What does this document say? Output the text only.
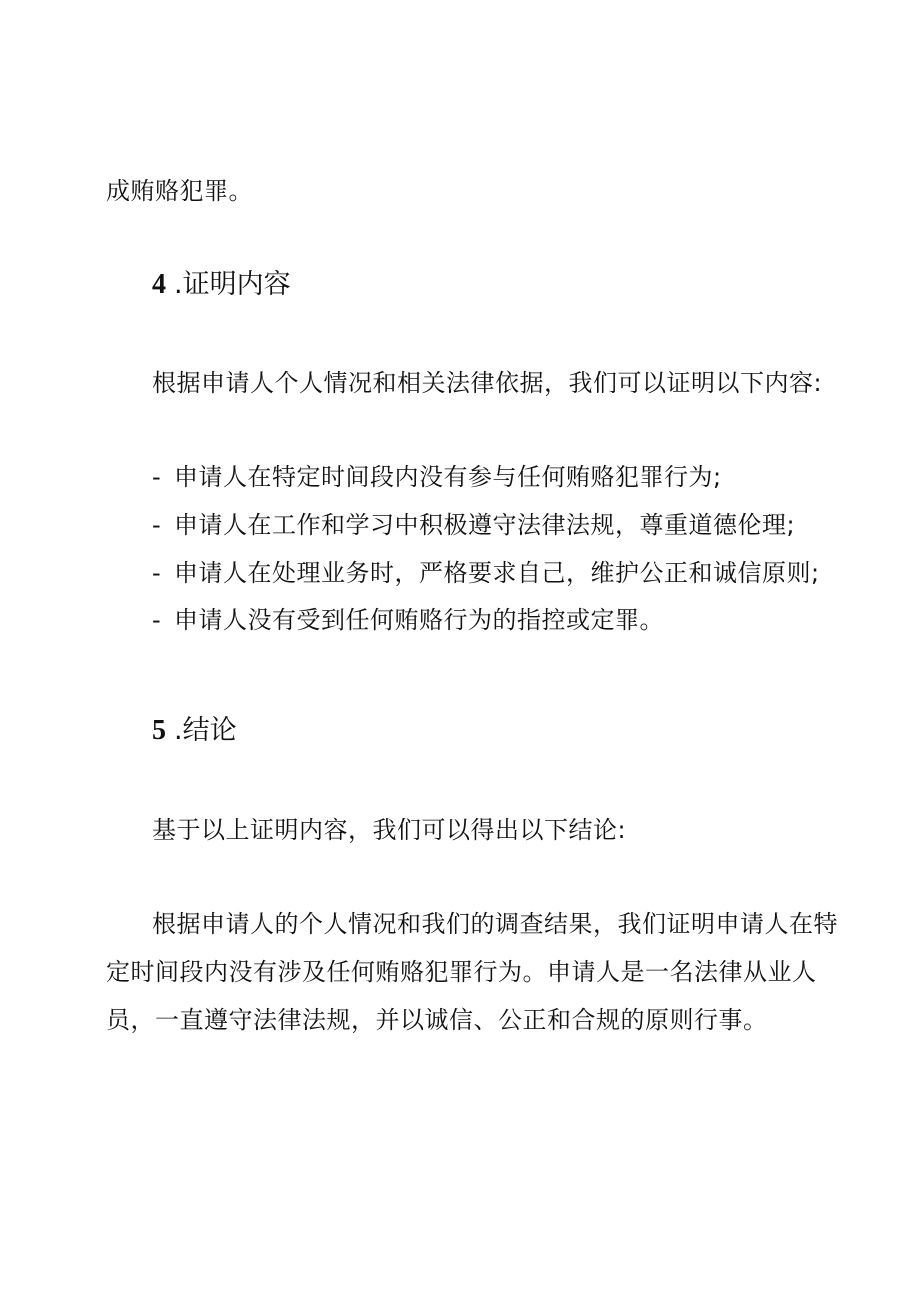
成贿赂犯罪。
4 .证明内容
根据申请人个人情况和相关法律依据，我们可以证明以下内容:
- 申请人在特定时间段内没有参与任何贿赂犯罪行为;
- 申请人在工作和学习中积极遵守法律法规，尊重道德伦理;
- 申请人在处理业务时，严格要求自己，维护公正和诚信原则;
- 申请人没有受到任何贿赂行为的指控或定罪。
5 .结论
基于以上证明内容，我们可以得出以下结论:
根据申请人的个人情况和我们的调查结果，我们证明申请人在特
定时间段内没有涉及任何贿赂犯罪行为。申请人是一名法律从业人
员，一直遵守法律法规，并以诚信、公正和合规的原则行事。
